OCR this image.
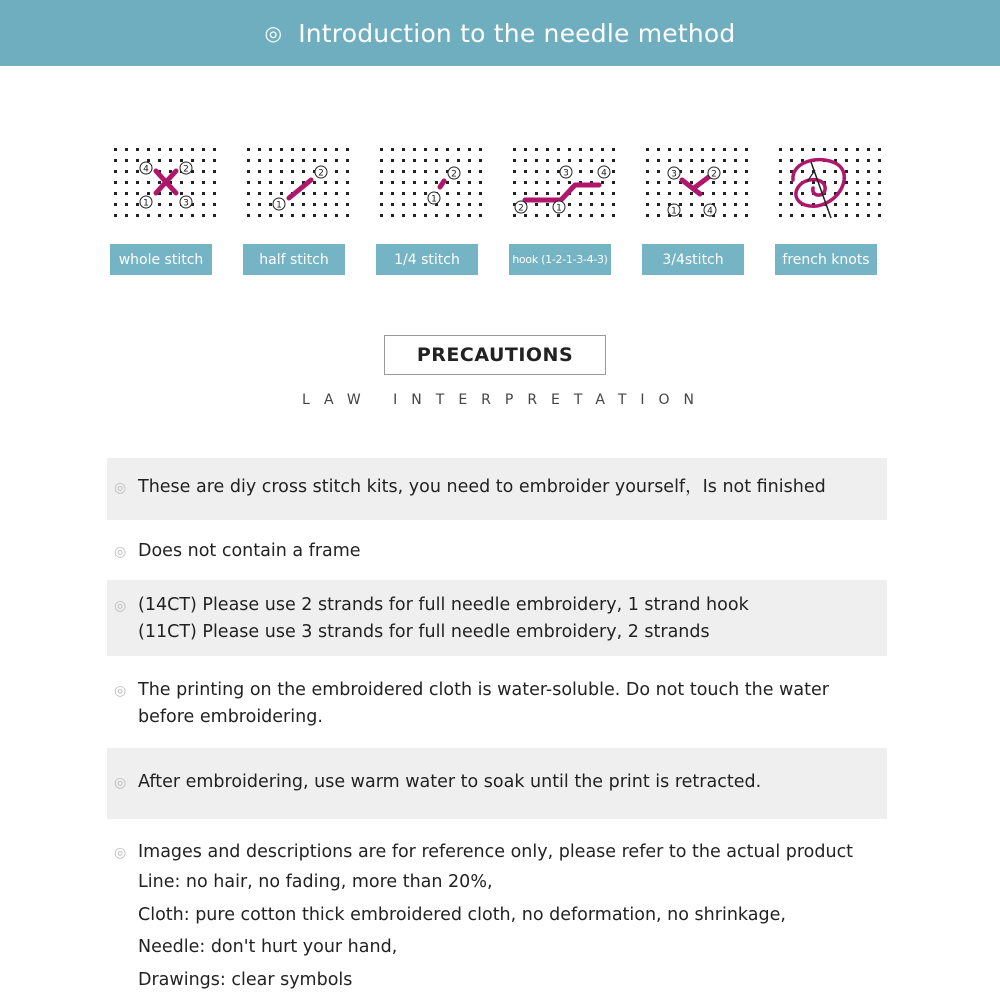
◎ Introduction to the needle method
4	2
1	3
whole stitch
2
1
half stitch
2
1
1/4 stitch
3	4
2	1
hook (1-2-1-3-4-3)
3	2
1	4
3/4stitch	french knots
PRECAUTIONS
LAW INTERPRETATION
◎ These are diy cross stitch kits, you need to embroider yourself，Is not finished
◎ Does not contain a frame
◎ (14CT) Please use 2 strands for full needle embroidery, 1 strand hook
(11CT) Please use 3 strands for full needle embroidery, 2 strands
◎ The printing on the embroidered cloth is water-soluble. Do not touch the water
before embroidering.
◎ After embroidering, use warm water to soak until the print is retracted.
◎ Images and descriptions are for reference only, please refer to the actual product
Line: no hair, no fading, more than 20%,
Cloth: pure cotton thick embroidered cloth, no deformation, no shrinkage,
Needle: don't hurt your hand,
Drawings: clear symbols
